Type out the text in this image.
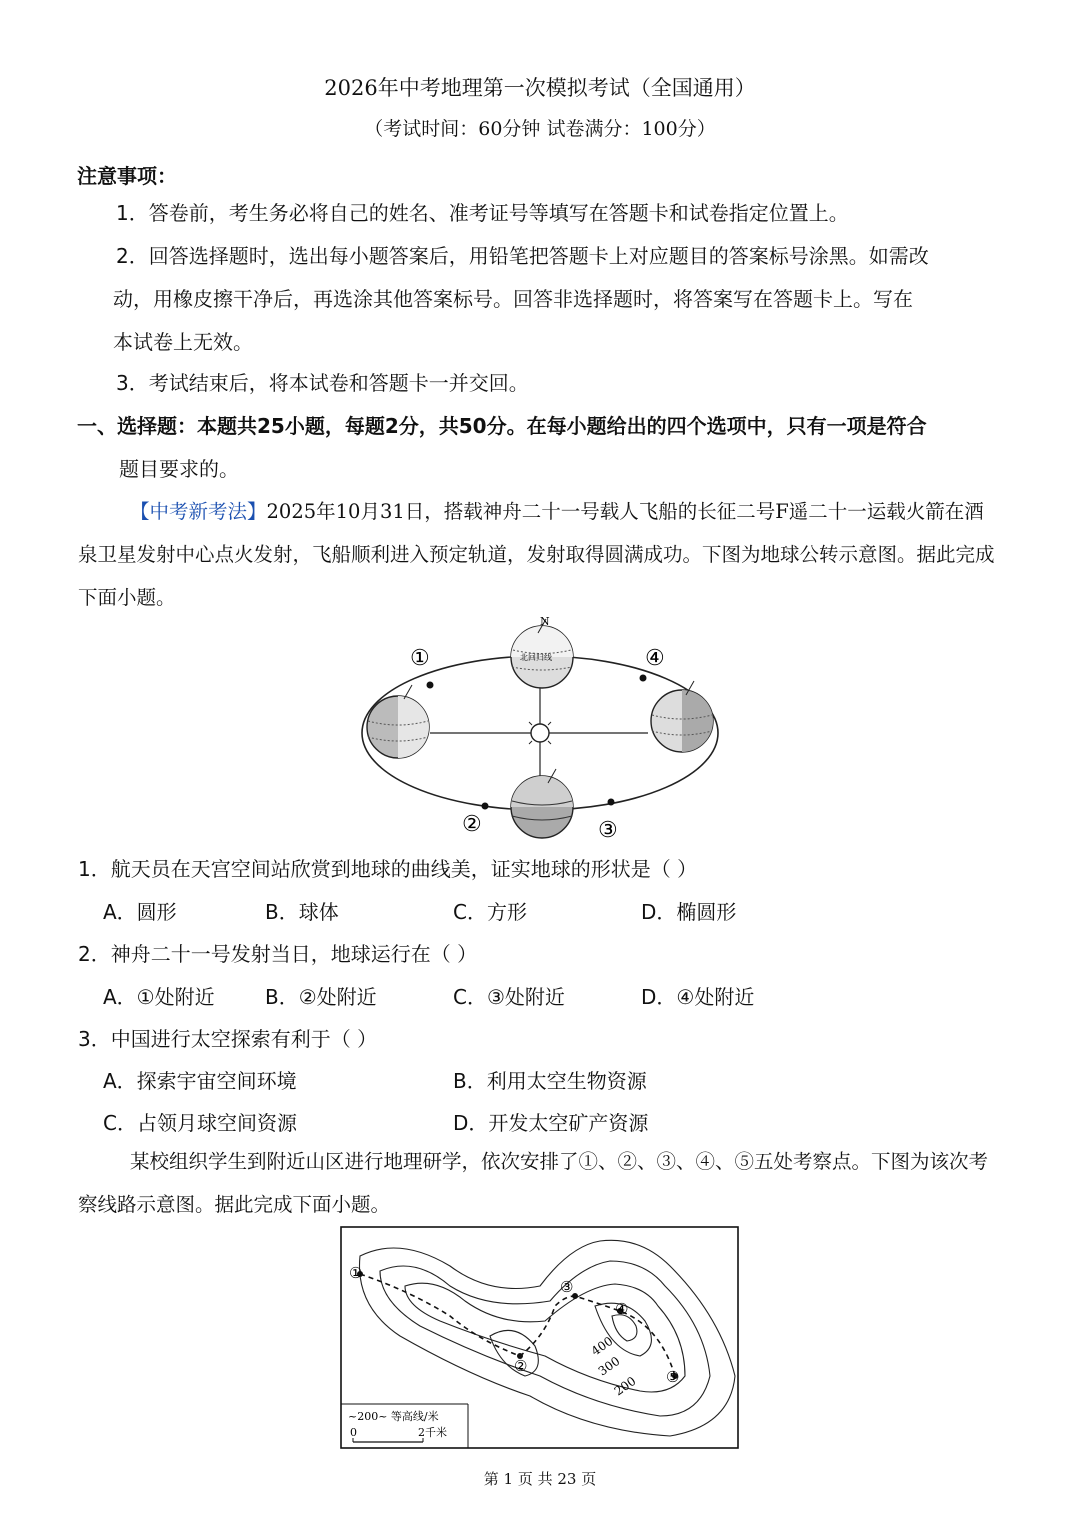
2026年中考地理第一次模拟考试（全国通用）
（考试时间：60分钟 试卷满分：100分）
注意事项：
1．答卷前，考生务必将自己的姓名、准考证号等填写在答题卡和试卷指定位置上。
2．回答选择题时，选出每小题答案后，用铅笔把答题卡上对应题目的答案标号涂黑。如需改
动，用橡皮擦干净后，再选涂其他答案标号。回答非选择题时，将答案写在答题卡上。写在
本试卷上无效。
3．考试结束后，将本试卷和答题卡一并交回。
一、选择题：本题共25小题，每题2分，共50分。在每小题给出的四个选项中，只有一项是符合
题目要求的。
【中考新考法】2025年10月31日，搭载神舟二十一号载人飞船的长征二号F遥二十一运载火箭在酒泉卫星发射中心点火发射，飞船顺利进入预定轨道，发射取得圆满成功。下图为地球公转示意图。据此完成下面小题。
N
北回归线
①
②	③
④
1．航天员在天宫空间站欣赏到地球的曲线美，证实地球的形状是（ ）
A．圆形	B．球体	C．方形	D．椭圆形
2．神舟二十一号发射当日，地球运行在（ ）
A．①处附近	B．②处附近	C．③处附近	D．④处附近
3．中国进行太空探索有利于（ ）
A．探索宇宙空间环境	B．利用太空生物资源
C．占领月球空间资源	D．开发太空矿产资源
某校组织学生到附近山区进行地理研学，依次安排了①、②、③、④、⑤五处考察点。下图为该次考察线路示意图。据此完成下面小题。
①
②
③
④
⑤
400
300
200
~200~ 等高线/米
0	2千米
第 1 页 共 23 页
